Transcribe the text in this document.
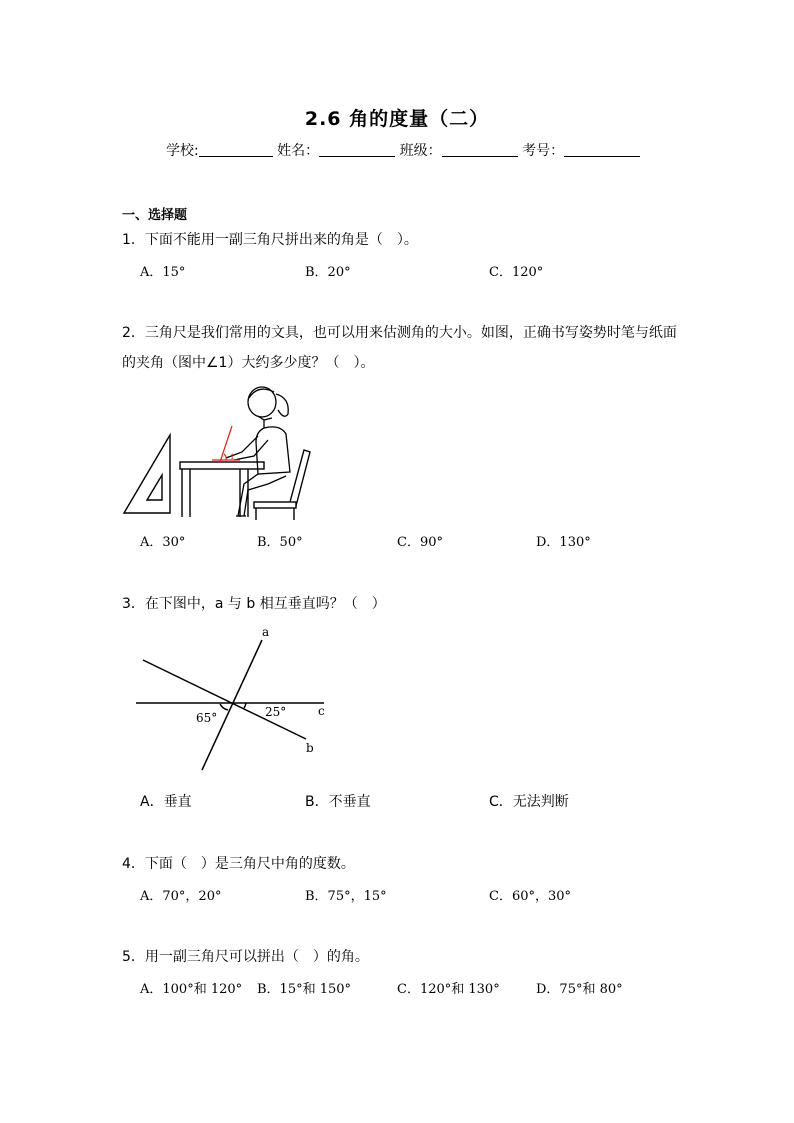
2.6 角的度量（二）
学校:	姓名：	班级：	考号：
一、选择题
1．下面不能用一副三角尺拼出来的角是（　）。
A．15°	B．20°	C．120°
2．三角尺是我们常用的文具，也可以用来估测角的大小。如图，正确书写姿势时笔与纸面
的夹角（图中∠1）大约多少度？（　）。
1
A．30°	B．50°	C．90°	D．130°
3．在下图中，a 与 b 相互垂直吗？（　）
a
b
c
65°	25°
A．垂直	B．不垂直	C．无法判断
4．下面（　）是三角尺中角的度数。
A．70°，20°	B．75°，15°	C．60°，30°
5．用一副三角尺可以拼出（　）的角。
A．100°和 120° B．15°和 150°	C．120°和 130°	D．75°和 80°
